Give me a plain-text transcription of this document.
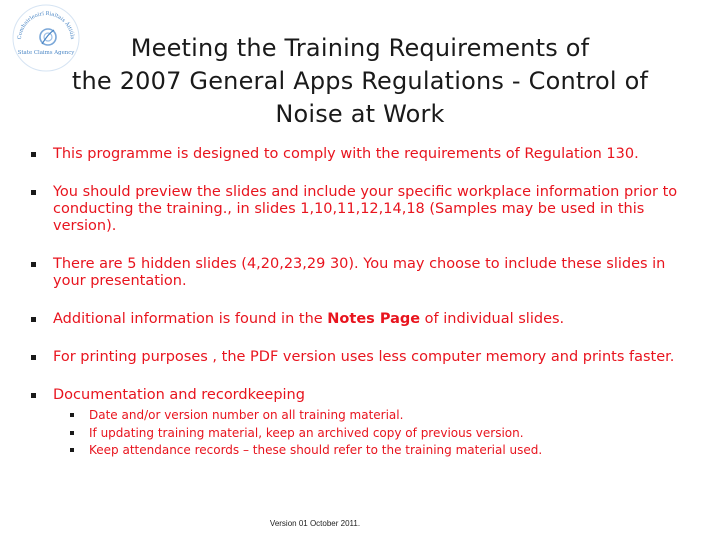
Comhairleoirí Rialtais Áitiúla
State Claims Agency	Meeting the Training Requirements of
the 2007 General Apps Regulations - Control of
Noise at Work
This programme is designed to comply with the requirements of Regulation 130.
You should preview the slides and include your specific workplace information prior to conducting the training., in slides 1,10,11,12,14,18 (Samples may be used in this version).
There are 5 hidden slides (4,20,23,29 30). You may choose to include these slides in your presentation.
Additional information is found in the Notes Page of individual slides.
For printing purposes , the PDF version uses less computer memory and prints faster.
Documentation and recordkeeping
Date and/or version number on all training material.
If updating training material, keep an archived copy of previous version.
Keep attendance records – these should refer to the training material used.
Version 01 October 2011.
